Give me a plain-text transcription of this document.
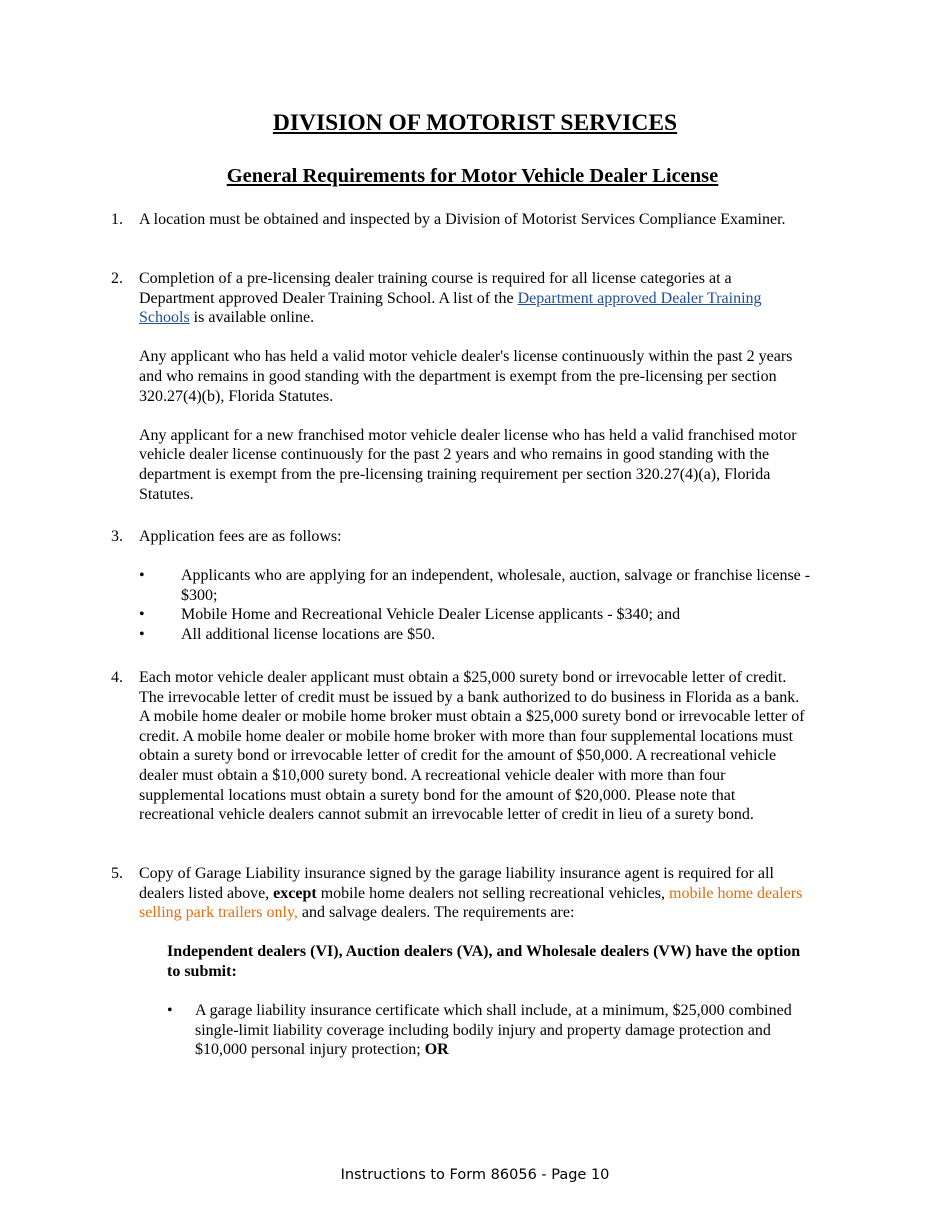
DIVISION OF MOTORIST SERVICES
General Requirements for Motor Vehicle Dealer License
1.	A location must be obtained and inspected by a Division of Motorist Services Compliance Examiner.

2.	Completion of a pre-licensing dealer training course is required for all license categories at a Department approved Dealer Training School. A list of the Department approved Dealer Training Schools is available online.

Any applicant who has held a valid motor vehicle dealer's license continuously within the past 2 years and who remains in good standing with the department is exempt from the pre-licensing per section 320.27(4)(b), Florida Statutes.

Any applicant for a new franchised motor vehicle dealer license who has held a valid franchised motor vehicle dealer license continuously for the past 2 years and who remains in good standing with the department is exempt from the pre-licensing training requirement per section 320.27(4)(a), Florida Statutes.

3.	Application fees are as follows:

• Applicants who are applying for an independent, wholesale, auction, salvage or franchise license - $300;
• Mobile Home and Recreational Vehicle Dealer License applicants - $340; and
• All additional license locations are $50.
4.	Each motor vehicle dealer applicant must obtain a $25,000 surety bond or irrevocable letter of credit. The irrevocable letter of credit must be issued by a bank authorized to do business in Florida as a bank. A mobile home dealer or mobile home broker must obtain a $25,000 surety bond or irrevocable letter of credit. A mobile home dealer or mobile home broker with more than four supplemental locations must obtain a surety bond or irrevocable letter of credit for the amount of $50,000. A recreational vehicle dealer must obtain a $10,000 surety bond. A recreational vehicle dealer with more than four supplemental locations must obtain a surety bond for the amount of $20,000. Please note that recreational vehicle dealers cannot submit an irrevocable letter of credit in lieu of a surety bond.

5.	Copy of Garage Liability insurance signed by the garage liability insurance agent is required for all dealers listed above, except mobile home dealers not selling recreational vehicles, mobile home dealers selling park trailers only, and salvage dealers. The requirements are:

Independent dealers (VI), Auction dealers (VA), and Wholesale dealers (VW) have the option to submit:

• A garage liability insurance certificate which shall include, at a minimum, $25,000 combined single-limit liability coverage including bodily injury and property damage protection and $10,000 personal injury protection; OR
Instructions to Form 86056 - Page 10
